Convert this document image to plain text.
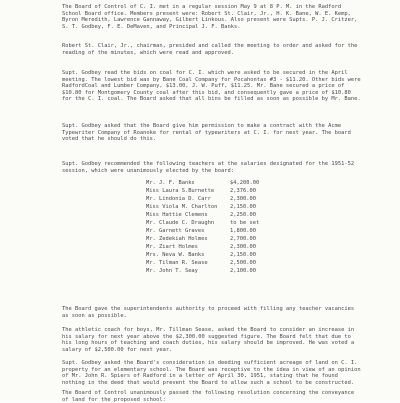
The Board of Control of C. I. met in a regular session May 9 at 8 P. M. in the Radford School Board office. Members present were: Robert St. Clair, Jr., H. K. Bane, W. E. Kemp, Byron Meredith, Lawrence Gannaway, Gilbert Linkous. Also present were Supts. P. J. Critzer, S. T. Godbey, F. E. DeMaven, and Principal J. F. Banks.

Robert St. Clair, Jr., chairman, presided and called the meeting to order and asked for the reading of the minutes, which were read and approved.

Supt. Godbey read the bids on coal for C. I. which were asked to be secured in the April meeting. The lowest bid was by Bane Coal Company for Pocahontas #3 - $11.20. Other bids were RadfordCoal and Lumber Company, $13.00, J. W. Puff, $11.25. Mr. Bane secured a price of $10.80 for Montgomery County coal after this bid, and consequently gave a price of $10.80 for the C. I. coal. The Board asked that all bins be filled as soon as possible by Mr. Bane.

Supt. Godbey asked that the Board give him permission to make a contract with the Acme Typewriter Company of Roanoke for rental of typewriters at C. I. for next year. The board voted that he should do this.

Supt. Godbey recommended the following teachers at the salaries designated for the 1951-52 session, which were unanimously elected by the board:

Mr. J. F. Banks	$4,200.00
Miss Laura S.Burnette	2,376.00
Mr. Lindonia D. Carr	2,300.00
Miss Viola M. Charlton	2,150.00
Miss Hattie Clemens	2,250.00
Mr. Claude C. Draughn	to be set
Mr. Garnett Graves	1,800.00
Mr. Zedekiah Holmes	2,700.00
Mr. Ziart Holmes	2,300.00
Mrs. Neva W. Banks	2,150.00
Mr. Tilman R. Sease	2,500.00
Mr. John T. Seay	2,100.00

The Board gave the superintendents authority to proceed with filling any teacher vacancies as soon as possible.

The athletic coach for boys, Mr. Tillman Sease, asked the Board to consider an increase in his salary for next year above the $2,300.00 suggested figure. The Board felt that due to his long hours of teaching and coach duties, his salary should be improved. He was voted a salary of $2,500.00 for next year.

Supt. Godbey asked the Board's consideration in deeding sufficient acreage of land on C. I. property for an elementary school. The Board was receptive to the idea in view of an opinion of Mr. John R. Spiers of Radford in a letter of April 30, 1951, stating that he found nothing in the deed that would prevent the Board to allow such a school to be constructed.

The Board of Control unanimously passed the following resolution concerning the conveyance of land for the proposed school:
